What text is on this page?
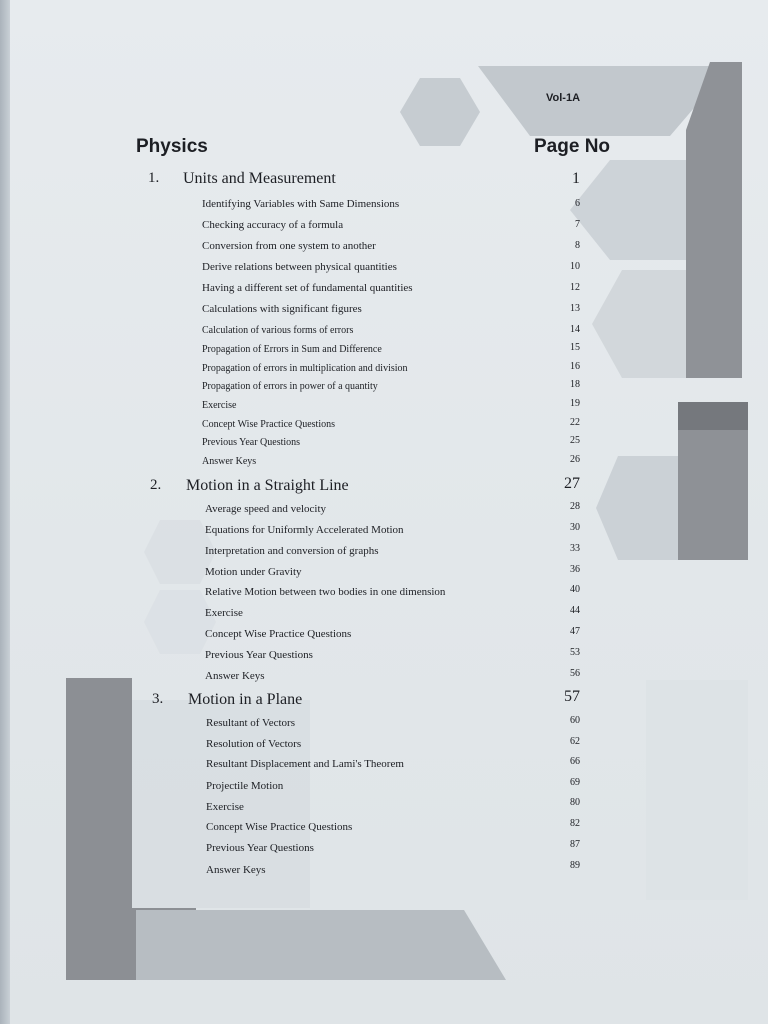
Vol-1A
Physics	Page No
1. Units and Measurement	1
Identifying Variables with Same Dimensions	6
Checking accuracy of a formula	7
Conversion from one system to another	8
Derive relations between physical quantities	10
Having a different set of fundamental quantities	12
Calculations with significant figures	13
Calculation of various forms of errors	14
Propagation of Errors in Sum and Difference	15
Propagation of errors in multiplication and division	16
Propagation of errors in power of a quantity	18
Exercise	19
Concept Wise Practice Questions	22
Previous Year Questions	25
Answer Keys	26
2. Motion in a Straight Line	27
Average speed and velocity	28
Equations for Uniformly Accelerated Motion	30
Interpretation and conversion of graphs	33
Motion under Gravity	36
Relative Motion between two bodies in one dimension	40
Exercise	44
Concept Wise Practice Questions	47
Previous Year Questions	53
Answer Keys	56
3. Motion in a Plane	57
Resultant of Vectors	60
Resolution of Vectors	62
Resultant Displacement and Lami's Theorem	66
Projectile Motion	69
Exercise	80
Concept Wise Practice Questions	82
Previous Year Questions	87
Answer Keys	89
